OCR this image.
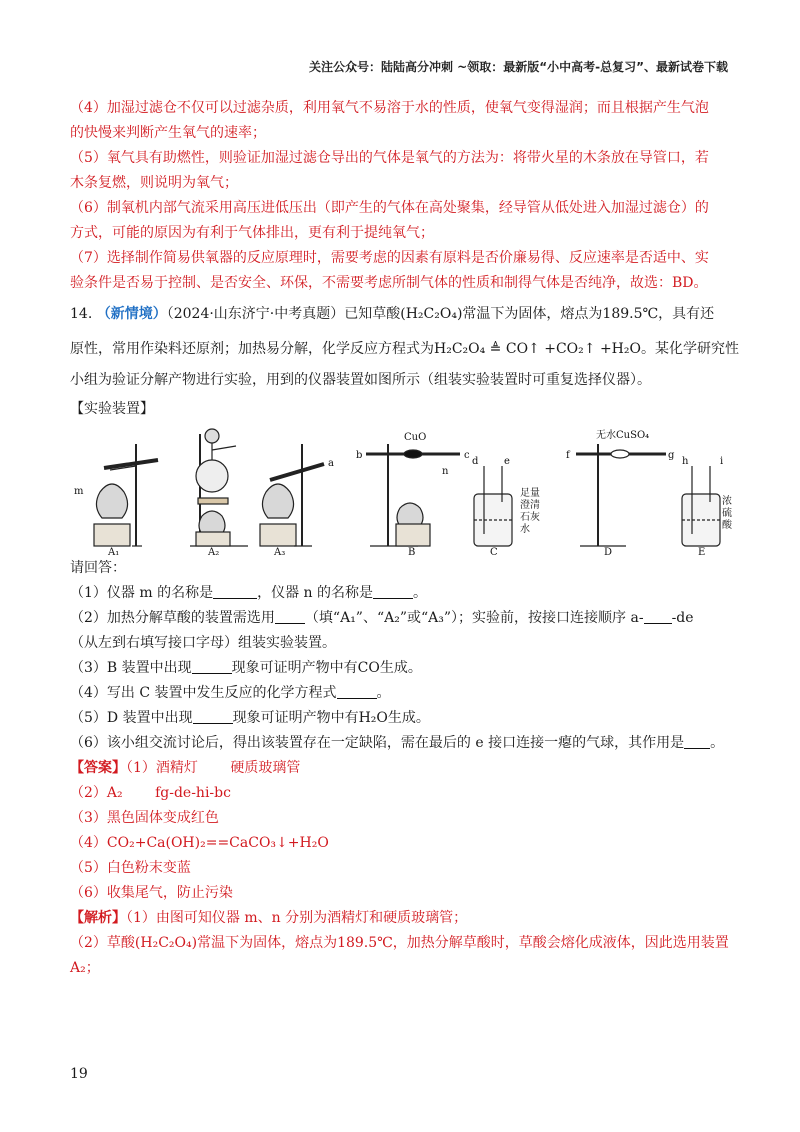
关注公众号：陆陆高分冲刺 ~领取：最新版“小中高考-总复习”、最新试卷下载

（4）加湿过滤仓不仅可以过滤杂质，利用氧气不易溶于水的性质，使氧气变得湿润；而且根据产生气泡

的快慢来判断产生氧气的速率；

（5）氧气具有助燃性，则验证加湿过滤仓导出的气体是氧气的方法为：将带火星的木条放在导管口，若

木条复燃，则说明为氧气；

（6）制氧机内部气流采用高压进低压出（即产生的气体在高处聚集，经导管从低处进入加湿过滤仓）的

方式，可能的原因为有利于气体排出，更有利于提纯氧气；

（7）选择制作简易供氧器的反应原理时，需要考虑的因素有原料是否价廉易得、反应速率是否适中、实

验条件是否易于控制、是否安全、环保，不需要考虑所制气体的性质和制得气体是否纯净，故选：BD。

14. （新情境）（2024·山东济宁·中考真题）已知草酸(H₂C₂O₄)常温下为固体，熔点为189.5℃，具有还

原性，常用作染料还原剂；加热易分解，化学反应方程式为H₂C₂O₄ ≜ CO↑ +CO₂↑ +H₂O。某化学研究性

小组为验证分解产物进行实验，用到的仪器装置如图所示（组装实验装置时可重复选择仪器）。

【实验装置】

m
A₁	A₂	A₃
a
b
CuO
c
n
B
d	e
足量
澄清
石灰
水
C
f
无水CuSO₄
g
D
h	i
浓
硫
酸
E

请回答：

（1）仪器 m 的名称是	，仪器 n 的名称是	。

（2）加热分解草酸的装置需选用 （填“A₁”、“A₂”或“A₃”）；实验前，按接口连接顺序 a- -de

（从左到右填写接口字母）组装实验装置。

（3）B 装置中出现	现象可证明产物中有CO生成。

（4）写出 C 装置中发生反应的化学方程式	。

（5）D 装置中出现	现象可证明产物中有H₂O生成。

（6）该小组交流讨论后，得出该装置存在一定缺陷，需在最后的 e 接口连接一瘪的气球，其作用是 。

【答案】（1）酒精灯　　 硬质玻璃管

（2）A₂　　 fg-de-hi-bc

（3）黑色固体变成红色

（4）CO₂+Ca(OH)₂==CaCO₃↓+H₂O

（5）白色粉末变蓝

（6）收集尾气，防止污染

【解析】（1）由图可知仪器 m、n 分别为酒精灯和硬质玻璃管；

（2）草酸(H₂C₂O₄)常温下为固体，熔点为189.5℃，加热分解草酸时，草酸会熔化成液体，因此选用装置

A₂；

19
